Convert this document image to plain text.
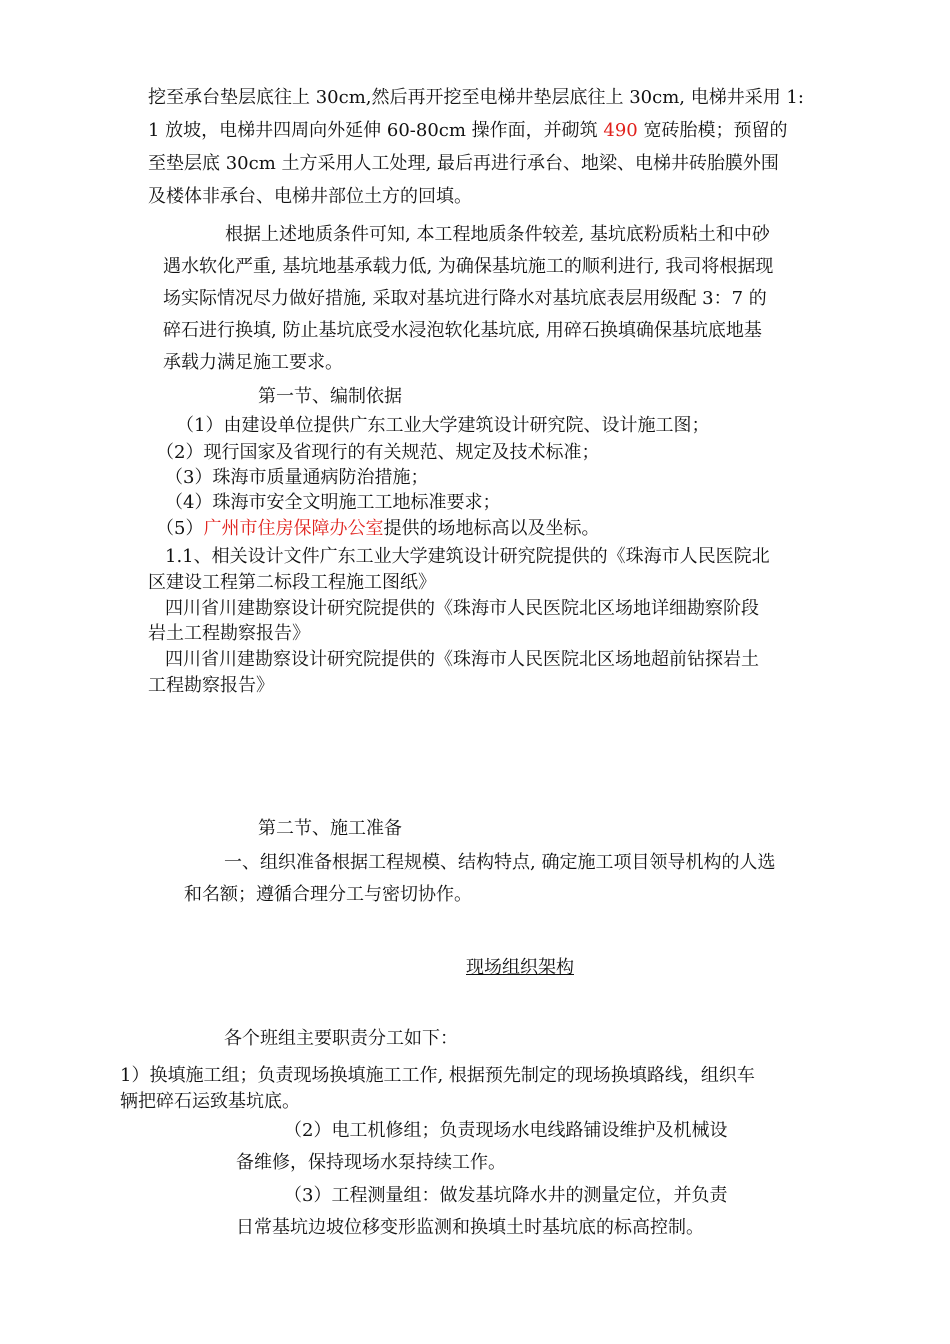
挖至承台垫层底往上 30cm,然后再开挖至电梯井垫层底往上 30cm, 电梯井采用 1:

1 放坡，电梯井四周向外延伸 60-80cm 操作面，并砌筑 490 宽砖胎模；预留的

至垫层底 30cm 土方采用人工处理, 最后再进行承台、地梁、电梯井砖胎膜外围

及楼体非承台、电梯井部位土方的回填。

根据上述地质条件可知, 本工程地质条件较差, 基坑底粉质粘土和中砂

遇水软化严重, 基坑地基承载力低, 为确保基坑施工的顺利进行, 我司将根据现

场实际情况尽力做好措施, 采取对基坑进行降水对基坑底表层用级配 3：7 的

碎石进行换填, 防止基坑底受水浸泡软化基坑底, 用碎石换填确保基坑底地基

承载力满足施工要求。

第一节、编制依据

（1）由建设单位提供广东工业大学建筑设计研究院、设计施工图；

（2）现行国家及省现行的有关规范、规定及技术标准；

（3）珠海市质量通病防治措施；

（4）珠海市安全文明施工工地标准要求；

（5）广州市住房保障办公室提供的场地标高以及坐标。

1.1、相关设计文件广东工业大学建筑设计研究院提供的《珠海市人民医院北

区建设工程第二标段工程施工图纸》

四川省川建勘察设计研究院提供的《珠海市人民医院北区场地详细勘察阶段

岩土工程勘察报告》

四川省川建勘察设计研究院提供的《珠海市人民医院北区场地超前钻探岩土

工程勘察报告》

第二节、施工准备

一、组织准备根据工程规模、结构特点, 确定施工项目领导机构的人选

和名额；遵循合理分工与密切协作。

现场组织架构

各个班组主要职责分工如下：

1）换填施工组；负责现场换填施工工作, 根据预先制定的现场换填路线，组织车

辆把碎石运致基坑底。

（2）电工机修组；负责现场水电线路铺设维护及机械设

备维修，保持现场水泵持续工作。

（3）工程测量组：做发基坑降水井的测量定位，并负责

日常基坑边坡位移变形监测和换填土时基坑底的标高控制。
